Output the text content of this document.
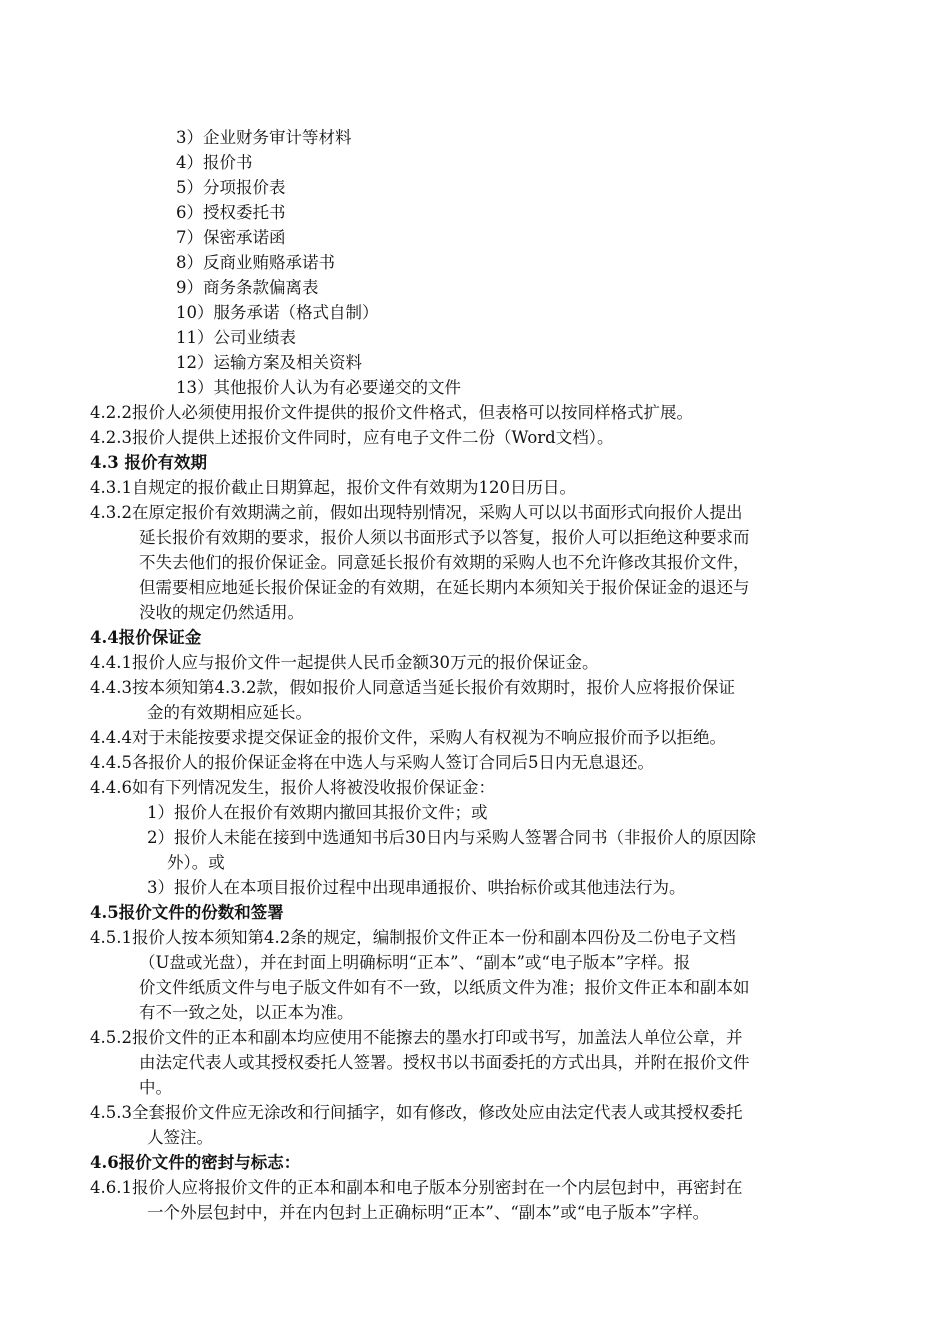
3）企业财务审计等材料
4）报价书
5）分项报价表
6）授权委托书
7）保密承诺函
8）反商业贿赂承诺书
9）商务条款偏离表
10）服务承诺（格式自制）
11）公司业绩表
12）运输方案及相关资料
13）其他报价人认为有必要递交的文件
4.2.2报价人必须使用报价文件提供的报价文件格式，但表格可以按同样格式扩展。
4.2.3报价人提供上述报价文件同时，应有电子文件二份（Word文档）。
4.3 报价有效期
4.3.1自规定的报价截止日期算起，报价文件有效期为120日历日。
4.3.2在原定报价有效期满之前，假如出现特别情况，采购人可以以书面形式向报价人提出
延长报价有效期的要求，报价人须以书面形式予以答复，报价人可以拒绝这种要求而
不失去他们的报价保证金。同意延长报价有效期的采购人也不允许修改其报价文件，
但需要相应地延长报价保证金的有效期，在延长期内本须知关于报价保证金的退还与
没收的规定仍然适用。
4.4报价保证金
4.4.1报价人应与报价文件一起提供人民币金额30万元的报价保证金。
4.4.3按本须知第4.3.2款，假如报价人同意适当延长报价有效期时，报价人应将报价保证
金的有效期相应延长。
4.4.4对于未能按要求提交保证金的报价文件，采购人有权视为不响应报价而予以拒绝。
4.4.5各报价人的报价保证金将在中选人与采购人签订合同后5日内无息退还。
4.4.6如有下列情况发生，报价人将被没收报价保证金：
1）报价人在报价有效期内撤回其报价文件；或
2）报价人未能在接到中选通知书后30日内与采购人签署合同书（非报价人的原因除
外）。或
3）报价人在本项目报价过程中出现串通报价、哄抬标价或其他违法行为。
4.5报价文件的份数和签署
4.5.1报价人按本须知第4.2条的规定，编制报价文件正本一份和副本四份及二份电子文档
（U盘或光盘），并在封面上明确标明“正本”、“副本”或“电子版本”字样。报
价文件纸质文件与电子版文件如有不一致，以纸质文件为准；报价文件正本和副本如
有不一致之处，以正本为准。
4.5.2报价文件的正本和副本均应使用不能擦去的墨水打印或书写，加盖法人单位公章，并
由法定代表人或其授权委托人签署。授权书以书面委托的方式出具，并附在报价文件
中。
4.5.3全套报价文件应无涂改和行间插字，如有修改，修改处应由法定代表人或其授权委托
人签注。
4.6报价文件的密封与标志：
4.6.1报价人应将报价文件的正本和副本和电子版本分别密封在一个内层包封中，再密封在
一个外层包封中，并在内包封上正确标明“正本”、“副本”或“电子版本”字样。
